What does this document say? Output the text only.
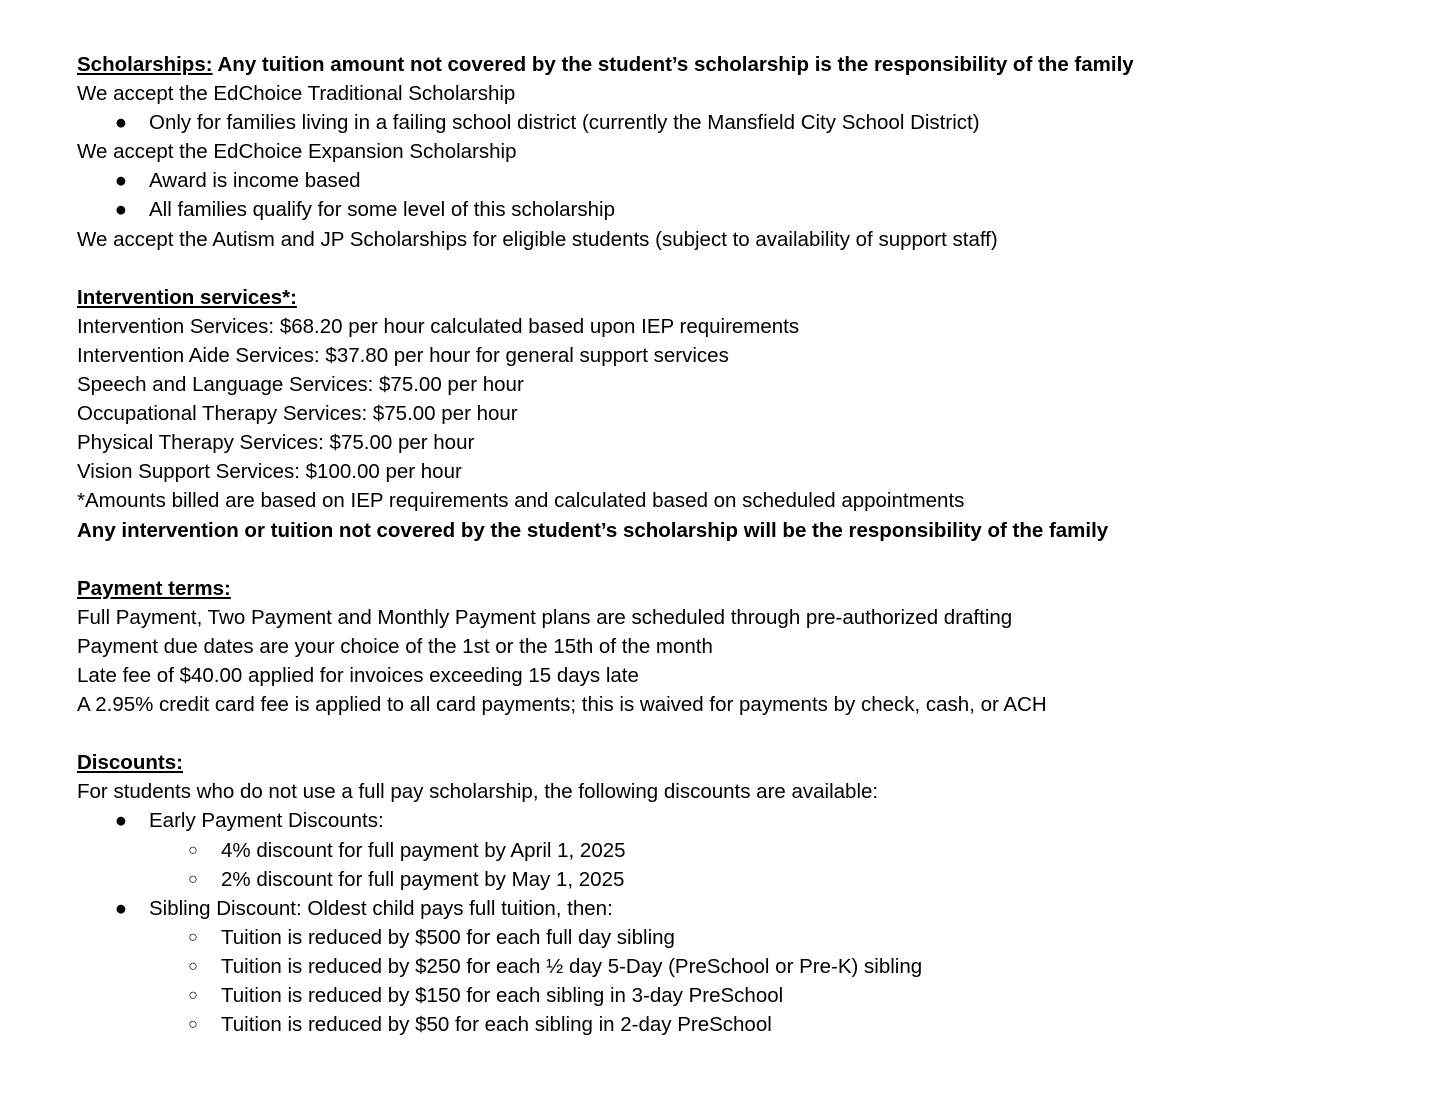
Scholarships: Any tuition amount not covered by the student’s scholarship is the responsibility of the family
We accept the EdChoice Traditional Scholarship
● Only for families living in a failing school district (currently the Mansfield City School District)
We accept the EdChoice Expansion Scholarship
● Award is income based
● All families qualify for some level of this scholarship
We accept the Autism and JP Scholarships for eligible students (subject to availability of support staff)
Intervention services*:
Intervention Services: $68.20 per hour calculated based upon IEP requirements
Intervention Aide Services: $37.80 per hour for general support services
Speech and Language Services: $75.00 per hour
Occupational Therapy Services: $75.00 per hour
Physical Therapy Services: $75.00 per hour
Vision Support Services: $100.00 per hour
*Amounts billed are based on IEP requirements and calculated based on scheduled appointments
Any intervention or tuition not covered by the student’s scholarship will be the responsibility of the family
Payment terms:
Full Payment, Two Payment and Monthly Payment plans are scheduled through pre-authorized drafting
Payment due dates are your choice of the 1st or the 15th of the month
Late fee of $40.00 applied for invoices exceeding 15 days late
A 2.95% credit card fee is applied to all card payments; this is waived for payments by check, cash, or ACH
Discounts:
For students who do not use a full pay scholarship, the following discounts are available:
● Early Payment Discounts:
○ 4% discount for full payment by April 1, 2025
○ 2% discount for full payment by May 1, 2025
● Sibling Discount: Oldest child pays full tuition, then:
○ Tuition is reduced by $500 for each full day sibling
○ Tuition is reduced by $250 for each ½ day 5-Day (PreSchool or Pre-K) sibling
○ Tuition is reduced by $150 for each sibling in 3-day PreSchool
○ Tuition is reduced by $50 for each sibling in 2-day PreSchool
